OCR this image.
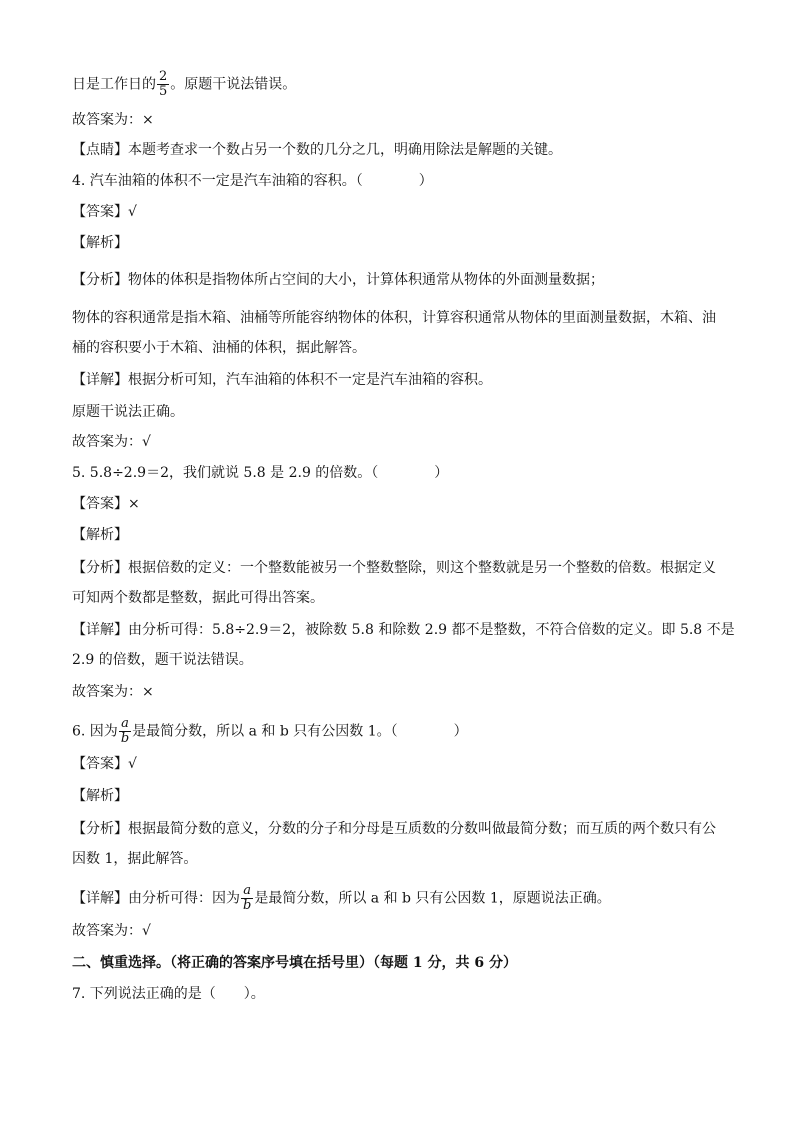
日是工作日的 $\frac{2}{5}$ 。原题干说法错误。
故答案为：×
【点睛】本题考查求一个数占另一个数的几分之几，明确用除法是解题的关键。
4. 汽车油箱的体积不一定是汽车油箱的容积。（　　　　）
【答案】√
【解析】
【分析】物体的体积是指物体所占空间的大小，计算体积通常从物体的外面测量数据；
物体的容积通常是指木箱、油桶等所能容纳物体的体积，计算容积通常从物体的里面测量数据，木箱、油
桶的容积要小于木箱、油桶的体积，据此解答。
【详解】根据分析可知，汽车油箱的体积不一定是汽车油箱的容积。
原题干说法正确。
故答案为：√
5. 5.8÷2.9＝2，我们就说 5.8 是 2.9 的倍数。（　　　　）
【答案】×
【解析】
【分析】根据倍数的定义：一个整数能被另一个整数整除，则这个整数就是另一个整数的倍数。根据定义
可知两个数都是整数，据此可得出答案。
【详解】由分析可得：5.8÷2.9＝2，被除数 5.8 和除数 2.9 都不是整数，不符合倍数的定义。即 5.8 不是
2.9 的倍数，题干说法错误。
故答案为：×
6. 因为 $\frac{a}{b}$ 是最简分数，所以 a 和 b 只有公因数 1。（　　　　）
【答案】√
【解析】
【分析】根据最简分数的意义，分数的分子和分母是互质数的分数叫做最简分数；而互质的两个数只有公
因数 1，据此解答。
【详解】由分析可得：因为 $\frac{a}{b}$ 是最简分数，所以 a 和 b 只有公因数 1，原题说法正确。
故答案为：√
二、慎重选择。（将正确的答案序号填在括号里）（每题 1 分，共 6 分）
7. 下列说法正确的是（　　）。
